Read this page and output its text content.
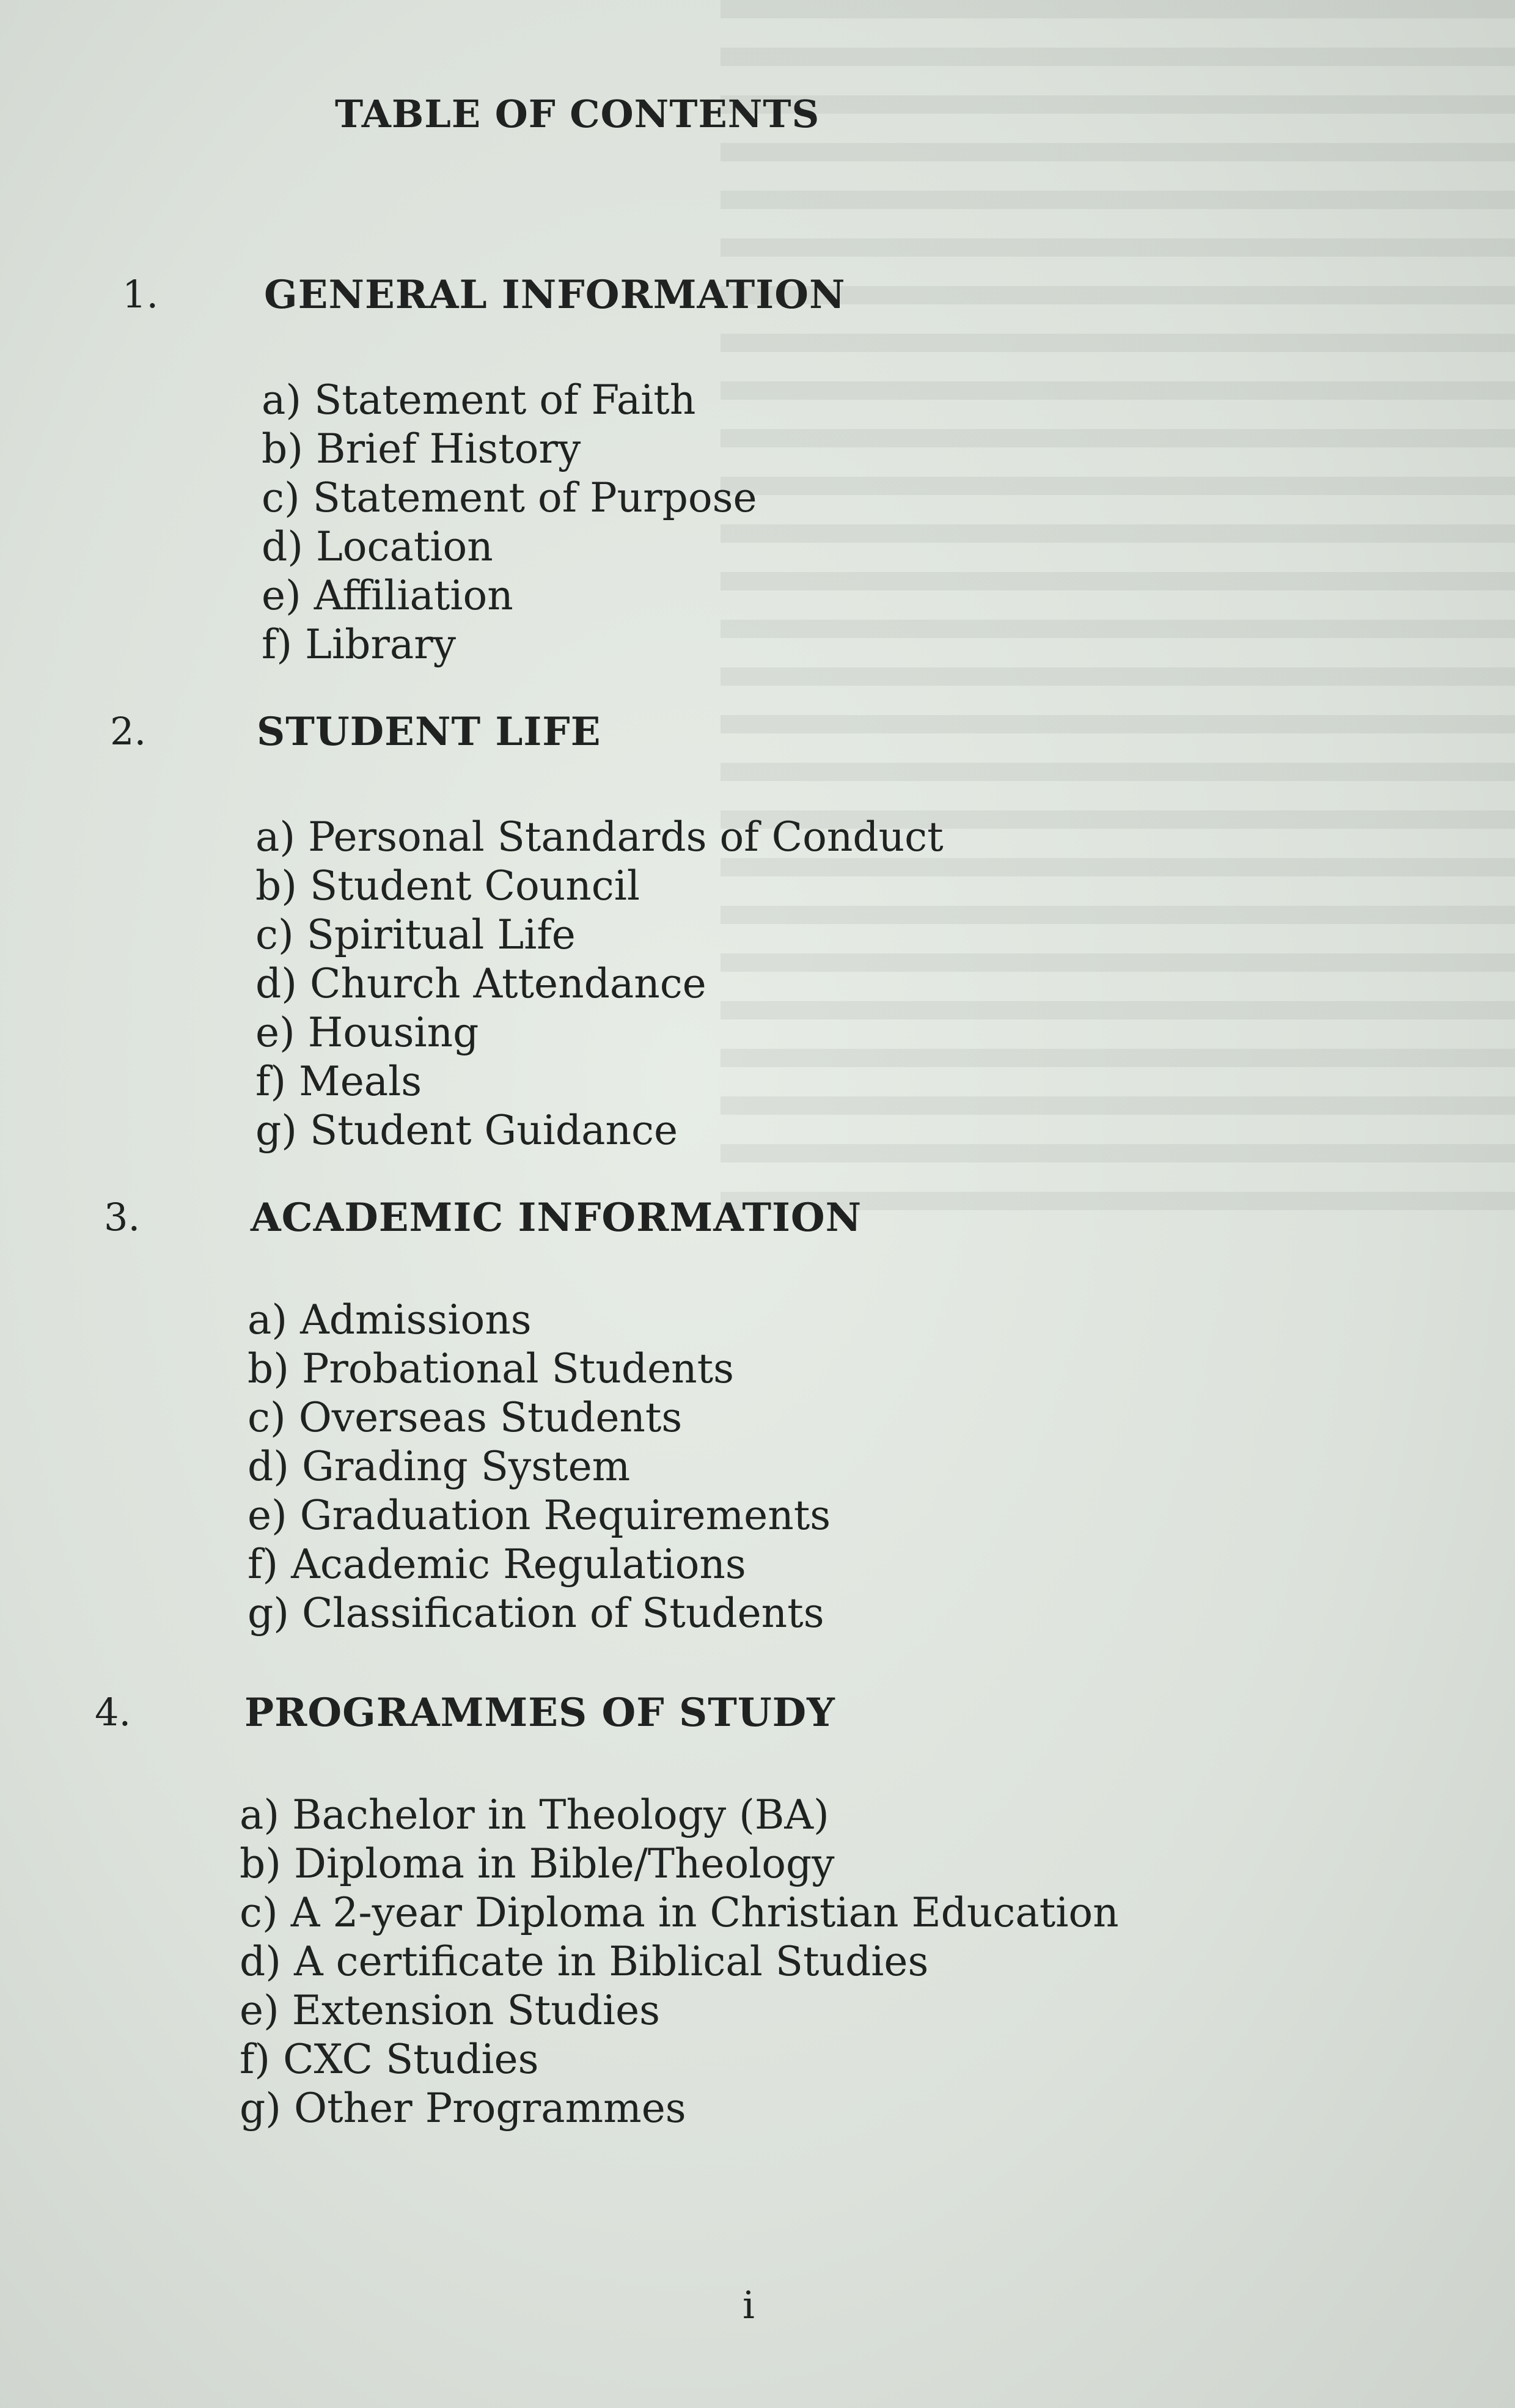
TABLE OF CONTENTS
1.	GENERAL INFORMATION
a) Statement of Faith
b) Brief History
c) Statement of Purpose
d) Location
e) Affiliation
f) Library
2.	STUDENT LIFE
a) Personal Standards of Conduct
b) Student Council
c) Spiritual Life
d) Church Attendance
e) Housing
f) Meals
g) Student Guidance
3.	ACADEMIC INFORMATION
a) Admissions
b) Probational Students
c) Overseas Students
d) Grading System
e) Graduation Requirements
f) Academic Regulations
g) Classification of Students
4.	PROGRAMMES OF STUDY
a) Bachelor in Theology (BA)
b) Diploma in Bible/Theology
c) A 2-year Diploma in Christian Education
d) A certificate in Biblical Studies
e) Extension Studies
f) CXC Studies
g) Other Programmes
i
